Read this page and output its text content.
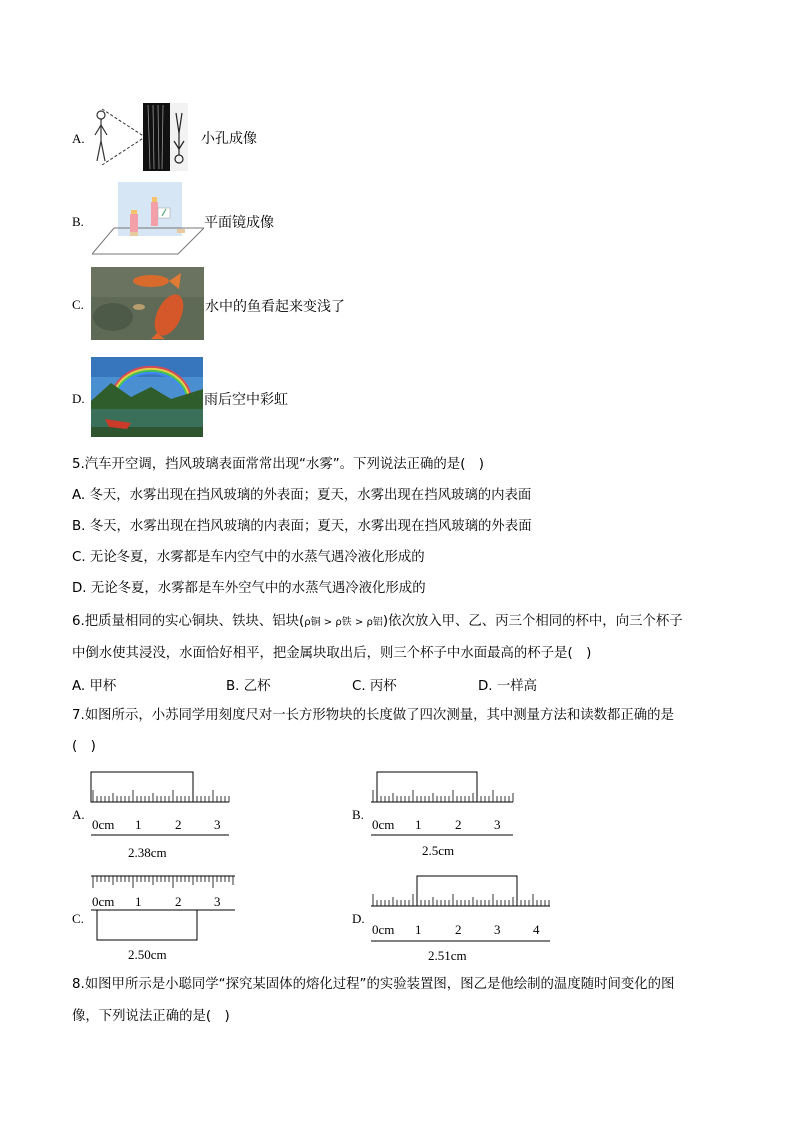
A.	小孔成像
B.	平面镜成像
C.	水中的鱼看起来变浅了
D.	雨后空中彩虹
5.汽车开空调，挡风玻璃表面常常出现“水雾”。下列说法正确的是(　)
A. 冬天，水雾出现在挡风玻璃的外表面；夏天，水雾出现在挡风玻璃的内表面
B. 冬天，水雾出现在挡风玻璃的内表面；夏天，水雾出现在挡风玻璃的外表面
C. 无论冬夏，水雾都是车内空气中的水蒸气遇冷液化形成的
D. 无论冬夏，水雾都是车外空气中的水蒸气遇冷液化形成的
6.把质量相同的实心铜块、铁块、铝块(ρ铜 > ρ铁 > ρ铝)依次放入甲、乙、丙三个相同的杯中，向三个杯子
中倒水使其浸没，水面恰好相平，把金属块取出后，则三个杯子中水面最高的杯子是(　)
A. 甲杯	B. 乙杯	C. 丙杯	D. 一样高
7.如图所示，小苏同学用刻度尺对一长方形物块的长度做了四次测量，其中测量方法和读数都正确的是
(　)
A.
0cm 1	2	3
2.38cm
B.
0cm 1	2	3
2.5cm
C.
0cm 1	2	3
2.50cm
D.
0cm 1	2	3	4
2.51cm
8.如图甲所示是小聪同学“探究某固体的熔化过程”的实验装置图，图乙是他绘制的温度随时间变化的图
像，下列说法正确的是(　)
